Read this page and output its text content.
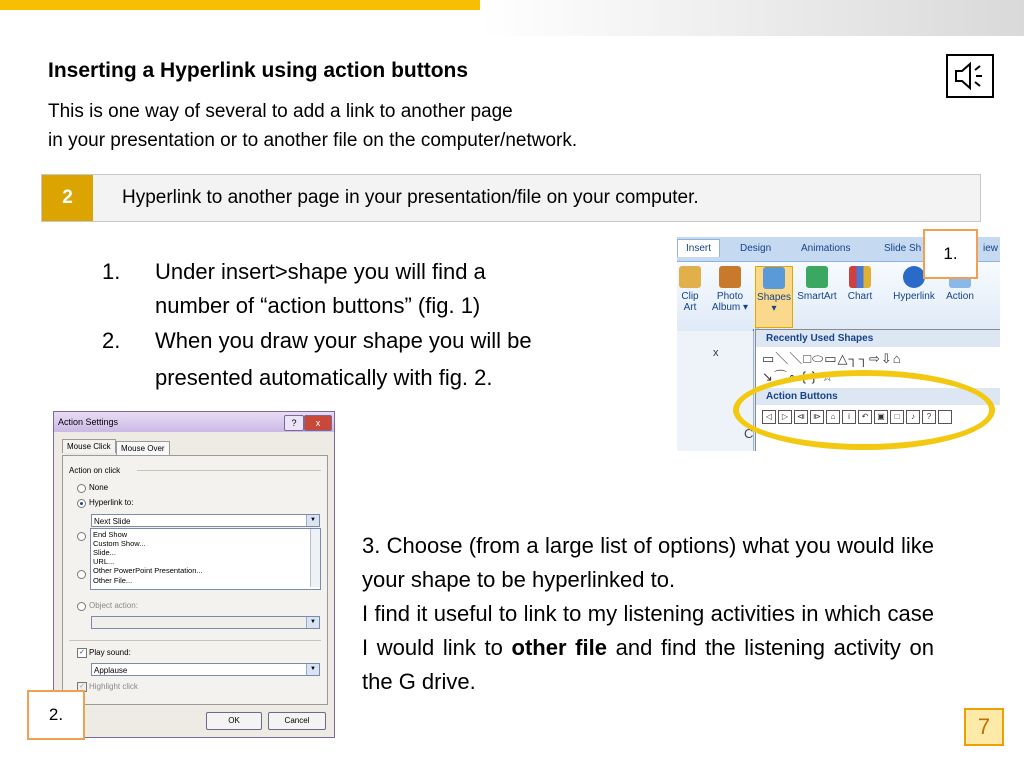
Inserting a Hyperlink using action buttons
This is one way of several to add a link to another page
in your presentation or to another file on the computer/network.
2	Hyperlink to another page in your presentation/file on your computer.
1. Under insert>shape you will find a
number of “action buttons” (fig. 1)
2. When you draw your shape you will be
presented automatically with fig. 2.

3. Choose (from a large list of options) what you would like your shape to be hyperlinked to.

I find it useful to link to my listening activities in which case I would link to other file and find the listening activity on the G drive.

Insert	Design	Animations	Slide Sh	iew
Clip
Art
Photo
Album ▾
Shapes
▾
SmartArt Chart	Hyperlink	Action
x
Recently Used Shapes
▭＼＼□⬭▭△┐┐⇨⇩⌂
↘⌒∘ { } ☆
Action Buttons
◁	▷	⧏	⧐	⌂	i	↶	▣	□	♪	?
C
1.
Action Settings	?	x
Mouse Click	Mouse Over
Action on click
None
Hyperlink to:
Next Slide	▼
Object action:
▼
✓ Play sound:
Applause	▼
✓ Highlight click
End Show
Custom Show...
Slide...
URL...
Other PowerPoint Presentation...
Other File...
OK	Cancel
2.	7
